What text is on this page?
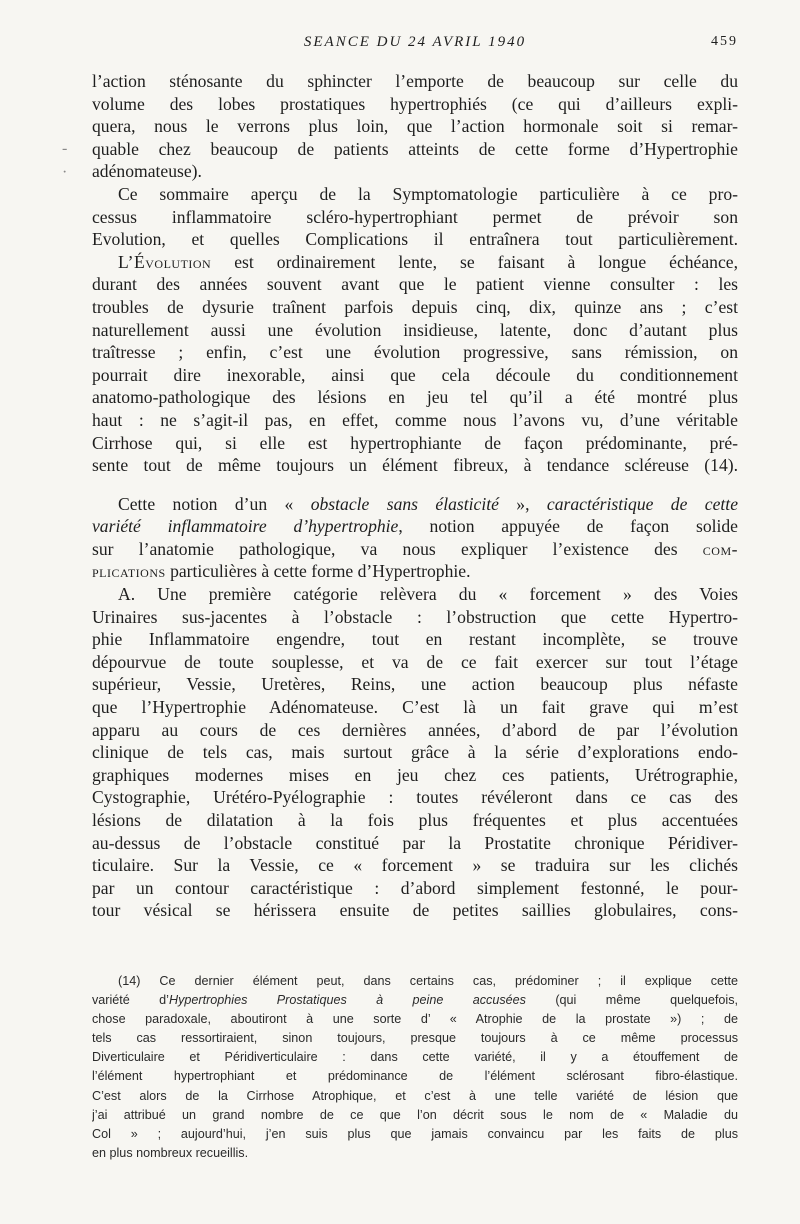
SEANCE DU 24 AVRIL 1940	459
-
·
l’action sténosante du sphincter l’emporte de beaucoup sur celle du
volume des lobes prostatiques hypertrophiés (ce qui d’ailleurs expli-
quera, nous le verrons plus loin, que l’action hormonale soit si remar-
quable chez beaucoup de patients atteints de cette forme d’Hypertrophie
adénomateuse).
Ce sommaire aperçu de la Symptomatologie particulière à ce pro-
cessus inflammatoire scléro-hypertrophiant permet de prévoir son
Evolution, et quelles Complications il entraînera tout particulièrement.
L’Évolution est ordinairement lente, se faisant à longue échéance,
durant des années souvent avant que le patient vienne consulter : les
troubles de dysurie traînent parfois depuis cinq, dix, quinze ans ; c’est
naturellement aussi une évolution insidieuse, latente, donc d’autant plus
traîtresse ; enfin, c’est une évolution progressive, sans rémission, on
pourrait dire inexorable, ainsi que cela découle du conditionnement
anatomo-pathologique des lésions en jeu tel qu’il a été montré plus
haut : ne s’agit-il pas, en effet, comme nous l’avons vu, d’une véritable
Cirrhose qui, si elle est hypertrophiante de façon prédominante, pré-
sente tout de même toujours un élément fibreux, à tendance scléreuse (14).
Cette notion d’un « obstacle sans élasticité », caractéristique de cette
variété inflammatoire d’hypertrophie, notion appuyée de façon solide
sur l’anatomie pathologique, va nous expliquer l’existence des com-
plications particulières à cette forme d’Hypertrophie.
A. Une première catégorie relèvera du « forcement » des Voies
Urinaires sus-jacentes à l’obstacle : l’obstruction que cette Hypertro-
phie Inflammatoire engendre, tout en restant incomplète, se trouve
dépourvue de toute souplesse, et va de ce fait exercer sur tout l’étage
supérieur, Vessie, Uretères, Reins, une action beaucoup plus néfaste
que l’Hypertrophie Adénomateuse. C’est là un fait grave qui m’est
apparu au cours de ces dernières années, d’abord de par l’évolution
clinique de tels cas, mais surtout grâce à la série d’explorations endo-
graphiques modernes mises en jeu chez ces patients, Urétrographie,
Cystographie, Urétéro-Pyélographie : toutes révéleront dans ce cas des
lésions de dilatation à la fois plus fréquentes et plus accentuées
au-dessus de l’obstacle constitué par la Prostatite chronique Péridiver-
ticulaire. Sur la Vessie, ce « forcement » se traduira sur les clichés
par un contour caractéristique : d’abord simplement festonné, le pour-
tour vésical se hérissera ensuite de petites saillies globulaires, cons-
(14) Ce dernier élément peut, dans certains cas, prédominer ; il explique cette
variété d’Hypertrophies Prostatiques à peine accusées (qui même quelquefois,
chose paradoxale, aboutiront à une sorte d’ « Atrophie de la prostate ») ; de
tels cas ressortiraient, sinon toujours, presque toujours à ce même processus
Diverticulaire et Péridiverticulaire : dans cette variété, il y a étouffement de
l’élément hypertrophiant et prédominance de l’élément sclérosant fibro-élastique.
C’est alors de la Cirrhose Atrophique, et c’est à une telle variété de lésion que
j’ai attribué un grand nombre de ce que l’on décrit sous le nom de « Maladie du
Col » ; aujourd’hui, j’en suis plus que jamais convaincu par les faits de plus
en plus nombreux recueillis.
